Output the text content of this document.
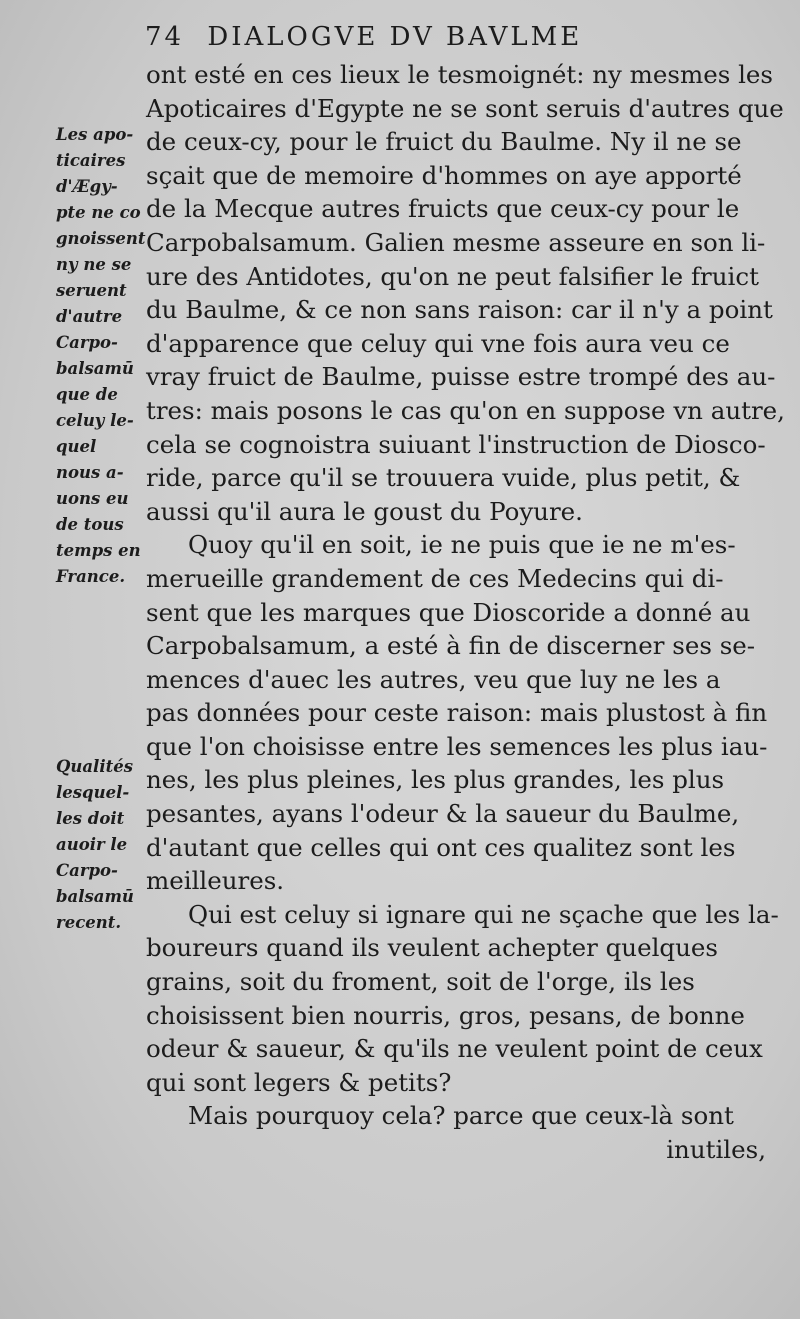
74 DIALOGVE DV BAVLME
Les apo-
ticaires
d'Ægy-
pte ne co
gnoissent
ny ne se
seruent
d'autre
Carpo-
balsamū
que de
celuy le-
quel
nous a-
uons eu
de tous
temps en
France.
Qualités
lesquel-
les doit
auoir le
Carpo-
balsamū
recent.
ont esté en ces lieux le tesmoignét: ny mesmes les
Apoticaires d'Egypte ne se sont seruis d'autres que
de ceux-cy, pour le fruict du Baulme. Ny il ne se
sçait que de memoire d'hommes on aye apporté
de la Mecque autres fruicts que ceux-cy pour le
Carpobalsamum. Galien mesme asseure en son li-
ure des Antidotes, qu'on ne peut falsifier le fruict
du Baulme, & ce non sans raison: car il n'y a point
d'apparence que celuy qui vne fois aura veu ce
vray fruict de Baulme, puisse estre trompé des au-
tres: mais posons le cas qu'on en suppose vn autre,
cela se cognoistra suiuant l'instruction de Diosco-
ride, parce qu'il se trouuera vuide, plus petit, &
aussi qu'il aura le goust du Poyure.
Quoy qu'il en soit, ie ne puis que ie ne m'es-
merueille grandement de ces Medecins qui di-
sent que les marques que Dioscoride a donné au
Carpobalsamum, a esté à fin de discerner ses se-
mences d'auec les autres, veu que luy ne les a
pas données pour ceste raison: mais plustost à fin
que l'on choisisse entre les semences les plus iau-
nes, les plus pleines, les plus grandes, les plus
pesantes, ayans l'odeur & la saueur du Baulme,
d'autant que celles qui ont ces qualitez sont les
meilleures.
Qui est celuy si ignare qui ne sçache que les la-
boureurs quand ils veulent achepter quelques
grains, soit du froment, soit de l'orge, ils les
choisissent bien nourris, gros, pesans, de bonne
odeur & saueur, & qu'ils ne veulent point de ceux
qui sont legers & petits?
Mais pourquoy cela? parce que ceux-là sont
inutiles,
